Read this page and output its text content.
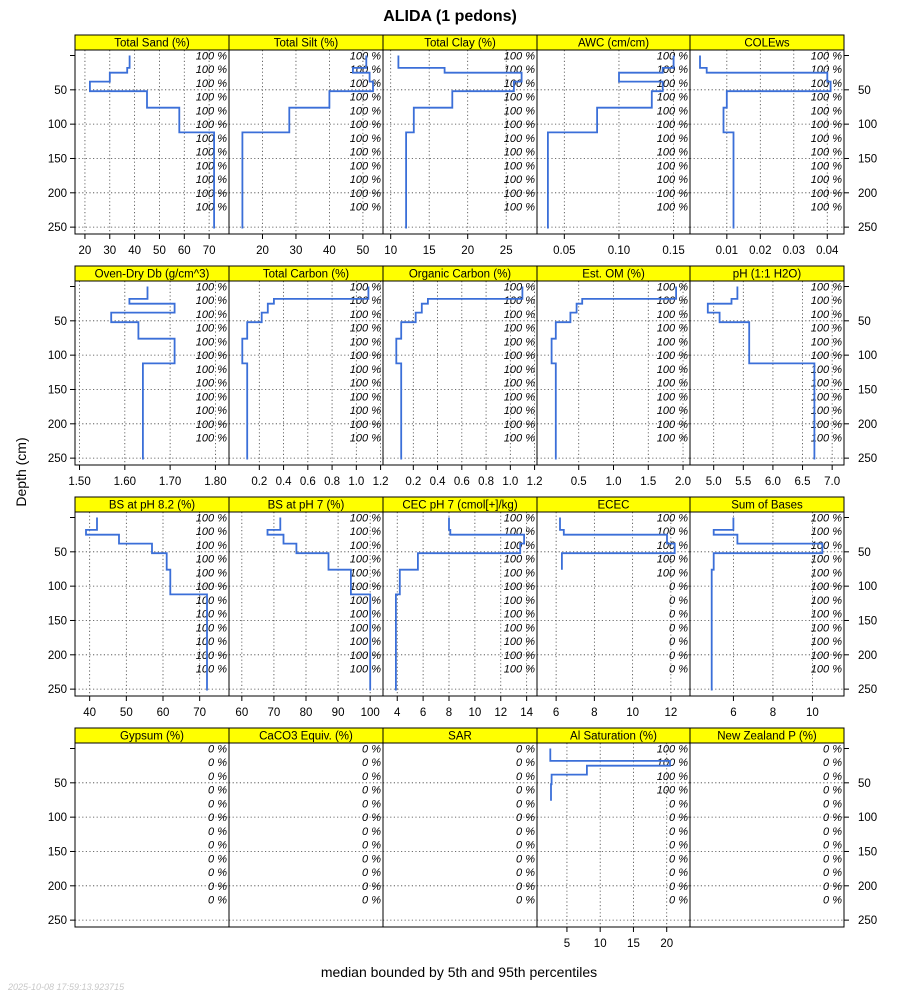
ALIDA (1 pedons)
Depth (cm)
median bounded by 5th and 95th percentiles
2025-10-08 17:59:13.923715
Total Sand (%)
100 %
100 %
100 %
100 %
100 %
100 %
100 %
100 %
100 %
100 %
100 %
100 %
20 30 40 50 60 70
50
100
150
200
250
Total Silt (%)
100 %
100 %
100 %
100 %
100 %
100 %
100 %
100 %
100 %
100 %
100 %
100 %
20 30 40 50
Total Clay (%)
100 %
100 %
100 %
100 %
100 %
100 %
100 %
100 %
100 %
100 %
100 %
100 %
10 15 20 25
AWC (cm/cm)
100 %
100 %
100 %
100 %
100 %
100 %
100 %
100 %
100 %
100 %
100 %
100 %
0.05	0.10	0.15
COLEws
100 %
100 %
100 %
100 %
100 %
100 %
100 %
100 %
100 %
100 %
100 %
100 %
0.01 0.02 0.03 0.04
50
100
150
200
250
Oven-Dry Db (g/cm^3)
100 %
100 %
100 %
100 %
100 %
100 %
100 %
100 %
100 %
100 %
100 %
100 %
1.50 1.60 1.70 1.80
50
100
150
200
250
Total Carbon (%)
100 %
100 %
100 %
100 %
100 %
100 %
100 %
100 %
100 %
100 %
100 %
100 %
0.2 0.4 0.6 0.8 1.0 1.2
Organic Carbon (%)
100 %
100 %
100 %
100 %
100 %
100 %
100 %
100 %
100 %
100 %
100 %
100 %
0.2 0.4 0.6 0.8 1.0 1.2
Est. OM (%)
100 %
100 %
100 %
100 %
100 %
100 %
100 %
100 %
100 %
100 %
100 %
100 %
0.5 1.0 1.5 2.0
pH (1:1 H2O)
100 %
100 %
100 %
100 %
100 %
100 %
100 %
100 %
100 %
100 %
100 %
100 %
5.0 5.5 6.0 6.5 7.0
50
100
150
200
250
BS at pH 8.2 (%)
100 %
100 %
100 %
100 %
100 %
100 %
100 %
100 %
100 %
100 %
100 %
100 %
40 50 60 70
50
100
150
200
250
BS at pH 7 (%)
100 %
100 %
100 %
100 %
100 %
100 %
100 %
100 %
100 %
100 %
100 %
100 %
60 70 80 90 100
CEC pH 7 (cmol[+]/kg)
100 %
100 %
100 %
100 %
100 %
100 %
100 %
100 %
100 %
100 %
100 %
100 %
4 6 8 10 12 14
ECEC
100 %
100 %
100 %
100 %
100 %
0 %
0 %
0 %
0 %
0 %
0 %
0 %
6	8 10 12
Sum of Bases
100 %
100 %
100 %
100 %
100 %
100 %
100 %
100 %
100 %
100 %
100 %
100 %
6	8	10
50
100
150
200
250
Gypsum (%)
0 %
0 %
0 %
0 %
0 %
0 %
0 %
0 %
0 %
0 %
0 %
0 %
50
100
150
200
250
CaCO3 Equiv. (%)
0 %
0 %
0 %
0 %
0 %
0 %
0 %
0 %
0 %
0 %
0 %
0 %
SAR
0 %
0 %
0 %
0 %
0 %
0 %
0 %
0 %
0 %
0 %
0 %
0 %
Al Saturation (%)
100 %
100 %
100 %
100 %
0 %
0 %
0 %
0 %
0 %
0 %
0 %
0 %
5 10 15 20
New Zealand P (%)
0 %
0 %
0 %
0 %
0 %
0 %
0 %
0 %
0 %
0 %
0 %
0 %
50
100
150
200
250
